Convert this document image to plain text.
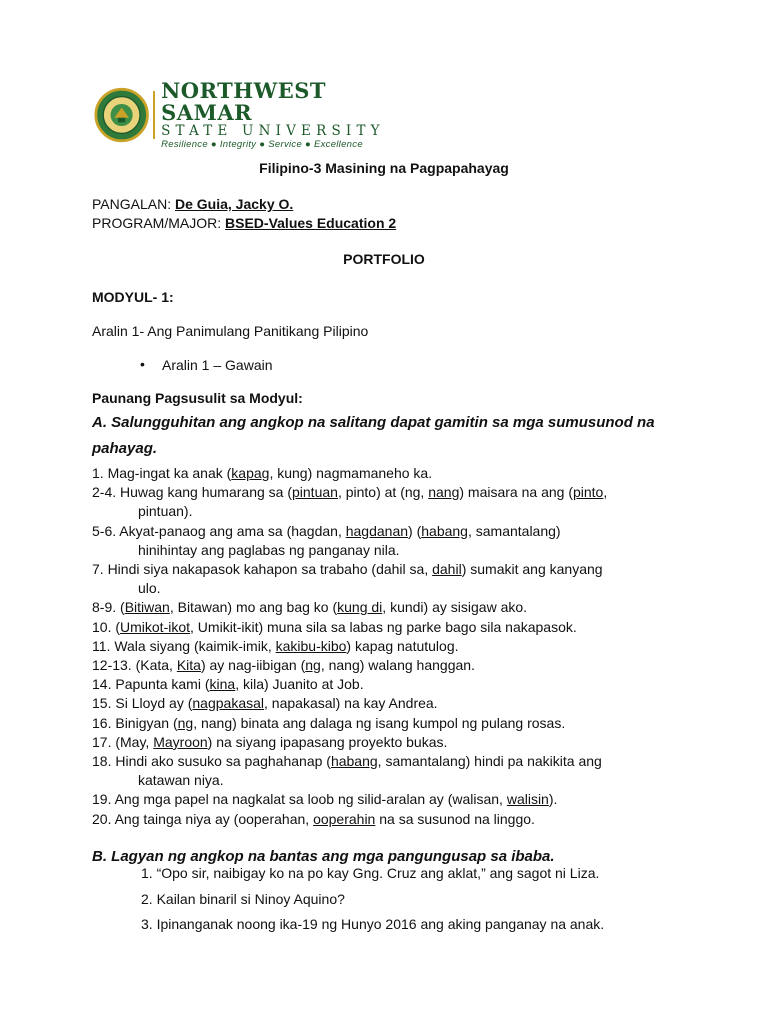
NORTHWEST SAMAR
STATE UNIVERSITY
Resilience ● Integrity ● Service ● Excellence
Filipino-3 Masining na Pagpapahayag
PANGALAN: De Guia, Jacky O.
PROGRAM/MAJOR: BSED-Values Education 2
PORTFOLIO
MODYUL- 1:
Aralin 1- Ang Panimulang Panitikang Pilipino
• Aralin 1 – Gawain
Paunang Pagsusulit sa Modyul:
A. Salungguhitan ang angkop na salitang dapat gamitin sa mga sumusunod na
pahayag.
1. Mag-ingat ka anak (kapag, kung) nagmamaneho ka.
2-4. Huwag kang humarang sa (pintuan, pinto) at (ng, nang) maisara na ang (pinto,
pintuan).
5-6. Akyat-panaog ang ama sa (hagdan, hagdanan) (habang, samantalang)
hinihintay ang paglabas ng panganay nila.
7. Hindi siya nakapasok kahapon sa trabaho (dahil sa, dahil) sumakit ang kanyang
ulo.
8-9. (Bitiwan, Bitawan) mo ang bag ko (kung di, kundi) ay sisigaw ako.
10. (Umikot-ikot, Umikit-ikit) muna sila sa labas ng parke bago sila nakapasok.
11. Wala siyang (kaimik-imik, kakibu-kibo) kapag natutulog.
12-13. (Kata, Kita) ay nag-iibigan (ng, nang) walang hanggan.
14. Papunta kami (kina, kila) Juanito at Job.
15. Si Lloyd ay (nagpakasal, napakasal) na kay Andrea.
16. Binigyan (ng, nang) binata ang dalaga ng isang kumpol ng pulang rosas.
17. (May, Mayroon) na siyang ipapasang proyekto bukas.
18. Hindi ako susuko sa paghahanap (habang, samantalang) hindi pa nakikita ang
katawan niya.
19. Ang mga papel na nagkalat sa loob ng silid-aralan ay (walisan, walisin).
20. Ang tainga niya ay (ooperahan, ooperahin na sa susunod na linggo.
B. Lagyan ng angkop na bantas ang mga pangungusap sa ibaba.
1. “Opo sir, naibigay ko na po kay Gng. Cruz ang aklat,” ang sagot ni Liza.
2. Kailan binaril si Ninoy Aquino?
3. Ipinanganak noong ika-19 ng Hunyo 2016 ang aking panganay na anak.
